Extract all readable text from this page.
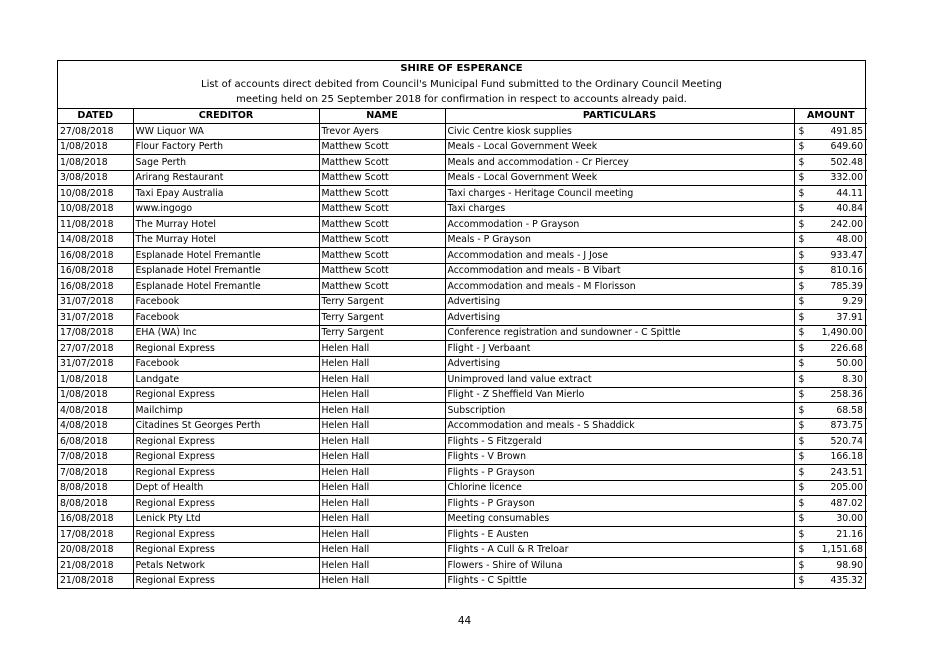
SHIRE OF ESPERANCE
List of accounts direct debited from Council's Municipal Fund submitted to the Ordinary Council Meeting
meeting held on 25 September 2018 for confirmation in respect to accounts already paid.
DATED	CREDITOR	NAME	PARTICULARS	AMOUNT
27/08/2018	WW Liquor WA	Trevor Ayers	Civic Centre kiosk supplies	$ 491.85

1/08/2018	Flour Factory Perth	Matthew Scott	Meals - Local Government Week	$ 649.60

1/08/2018	Sage Perth	Matthew Scott	Meals and accommodation - Cr Piercey	$ 502.48

3/08/2018	Arirang Restaurant	Matthew Scott	Meals - Local Government Week	$ 332.00

10/08/2018	Taxi Epay Australia	Matthew Scott	Taxi charges - Heritage Council meeting	$ 44.11

10/08/2018	www.ingogo	Matthew Scott	Taxi charges	$ 40.84

11/08/2018	The Murray Hotel	Matthew Scott	Accommodation - P Grayson	$ 242.00

14/08/2018	The Murray Hotel	Matthew Scott	Meals - P Grayson	$ 48.00

16/08/2018	Esplanade Hotel Fremantle	Matthew Scott	Accommodation and meals - J Jose	$ 933.47

16/08/2018	Esplanade Hotel Fremantle	Matthew Scott	Accommodation and meals - B Vibart	$ 810.16

16/08/2018	Esplanade Hotel Fremantle	Matthew Scott	Accommodation and meals - M Florisson	$ 785.39

31/07/2018	Facebook	Terry Sargent	Advertising	$ 9.29

31/07/2018	Facebook	Terry Sargent	Advertising	$ 37.91

17/08/2018	EHA (WA) Inc	Terry Sargent	Conference registration and sundowner - C Spittle	$ 1,490.00

27/07/2018	Regional Express	Helen Hall	Flight - J Verbaant	$ 226.68

31/07/2018	Facebook	Helen Hall	Advertising	$ 50.00

1/08/2018	Landgate	Helen Hall	Unimproved land value extract	$ 8.30

1/08/2018	Regional Express	Helen Hall	Flight - Z Sheffield Van Mierlo	$ 258.36

4/08/2018	Mailchimp	Helen Hall	Subscription	$ 68.58

4/08/2018	Citadines St Georges Perth	Helen Hall	Accommodation and meals - S Shaddick	$ 873.75

6/08/2018	Regional Express	Helen Hall	Flights - S Fitzgerald	$ 520.74

7/08/2018	Regional Express	Helen Hall	Flights - V Brown	$ 166.18

7/08/2018	Regional Express	Helen Hall	Flights - P Grayson	$ 243.51

8/08/2018	Dept of Health	Helen Hall	Chlorine licence	$ 205.00

8/08/2018	Regional Express	Helen Hall	Flights - P Grayson	$ 487.02

16/08/2018	Lenick Pty Ltd	Helen Hall	Meeting consumables	$ 30.00

17/08/2018	Regional Express	Helen Hall	Flights - E Austen	$ 21.16

20/08/2018	Regional Express	Helen Hall	Flights - A Cull & R Treloar	$ 1,151.68

21/08/2018	Petals Network	Helen Hall	Flowers - Shire of Wiluna	$ 98.90

21/08/2018	Regional Express	Helen Hall	Flights - C Spittle	$ 435.32
44
